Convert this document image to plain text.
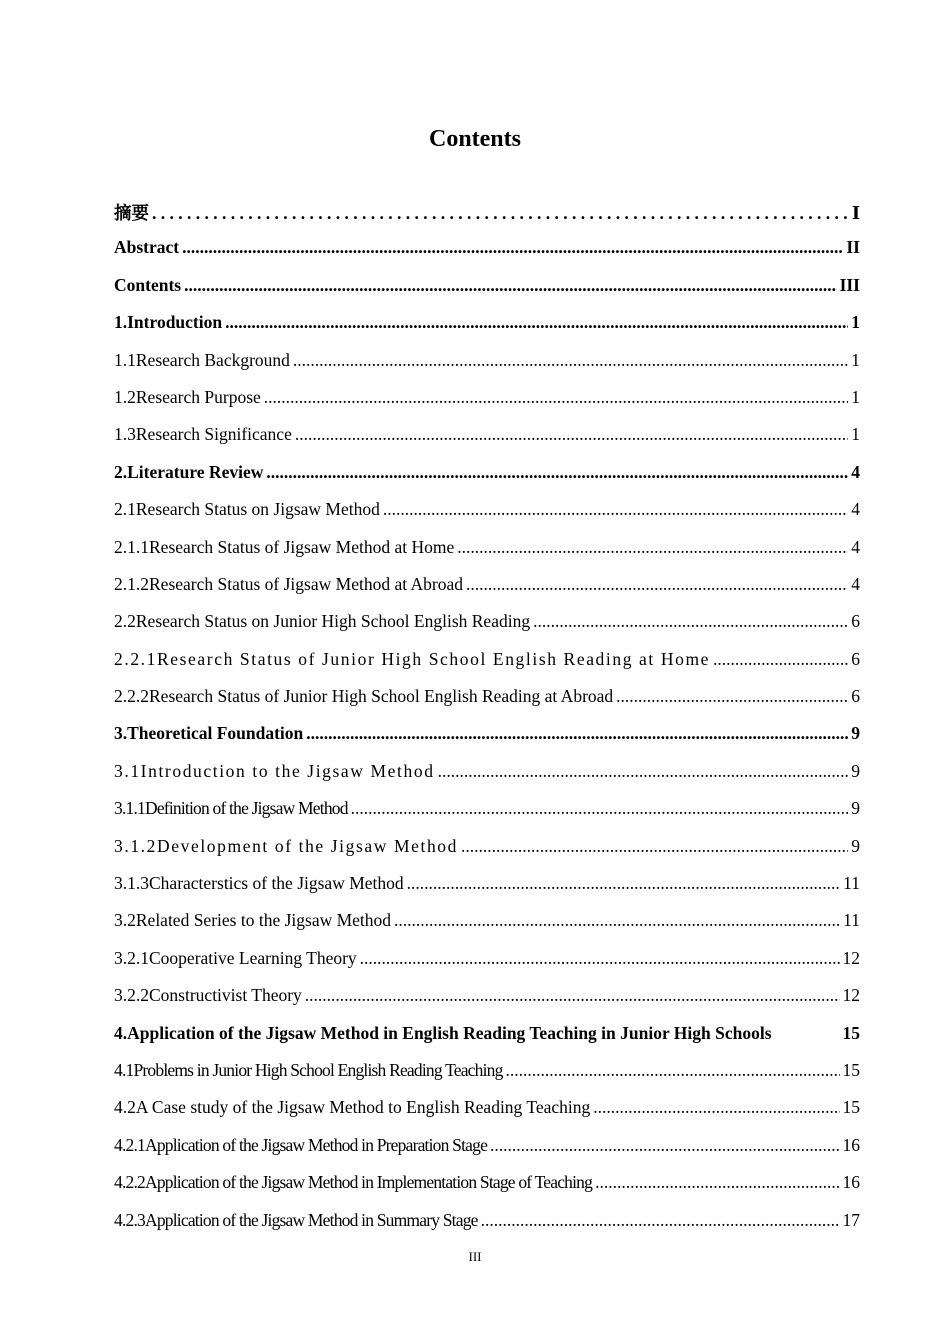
Contents
摘要 . . .	Ⅰ
Abstract .....	II
Contents .....	III
1.Introduction .....	1
1.1Research Background .....	1
1.2Research Purpose .....	1
1.3Research Significance .....	1
2.Literature Review .....	4
2.1Research Status on Jigsaw Method .....	4
2.1.1Research Status of Jigsaw Method at Home .....	4
2.1.2Research Status of Jigsaw Method at Abroad .....	4
2.2Research Status on Junior High School English Reading .....	6
2.2.1Research Status of Junior High School English Reading at Home .....	6
2.2.2Research Status of Junior High School English Reading at Abroad .....	6
3.Theoretical Foundation .....	9
3.1Introduction to the Jigsaw Method .....	9
3.1.1Definition of the Jigsaw Method .....	9
3.1.2Development of the Jigsaw Method .....	9
3.1.3Characterstics of the Jigsaw Method .....	11
3.2Related Series to the Jigsaw Method .....	11
3.2.1Cooperative Learning Theory .....	12
3.2.2Constructivist Theory .....	12
4.Application of the Jigsaw Method in English Reading Teaching in Junior High Schools	15
4.1Problems in Junior High School English Reading Teaching .....	15
4.2A Case study of the Jigsaw Method to English Reading Teaching .....	15
4.2.1Application of the Jigsaw Method in Preparation Stage .....	16
4.2.2Application of the Jigsaw Method in Implementation Stage of Teaching .....	16
4.2.3Application of the Jigsaw Method in Summary Stage .....	17
III
